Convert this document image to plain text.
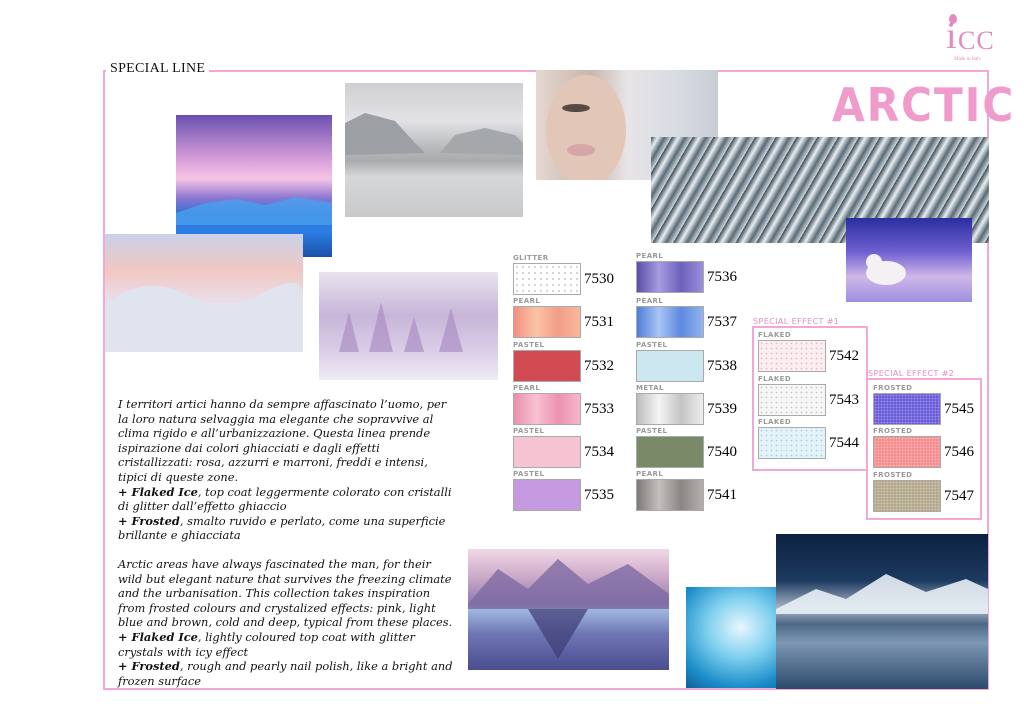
SPECIAL LINE
i CC
Made in Italy
ARCTIC

I territori artici hanno da sempre affascinato l’uomo, per la loro natura selvaggia ma elegante che sopravvive al clima rigido e all’urbanizzazione. Questa linea prende ispirazione dai colori ghiacciati e dagli effetti cristallizzati: rosa, azzurri e marroni, freddi e intensi, tipici di queste zone.
+ Flaked Ice, top coat leggermente colorato con cristalli di glitter dall’effetto ghiaccio
+ Frosted, smalto ruvido e perlato, come una superficie brillante e ghiacciata

Arctic areas have always fascinated the man, for their wild but elegant nature that survives the freezing climate and the urbanisation. This collection takes inspiration from frosted colours and crystalized effects: pink, light blue and brown, cold and deep, typical from these places.
+ Flaked Ice, lightly coloured top coat with glitter crystals with icy effect
+ Frosted, rough and pearly nail polish, like a bright and frozen surface

GLITTER
7530
PEARL
7531
PASTEL
7532
PEARL
7533
PASTEL
7534
PASTEL
7535
PEARL
7536
PEARL
7537
PASTEL
7538
METAL
7539
PASTEL
7540
PEARL
7541
SPECIAL EFFECT #1
FLAKED
7542
FLAKED
7543
FLAKED
7544
SPECIAL EFFECT #2
FROSTED
7545
FROSTED
7546
FROSTED
7547
